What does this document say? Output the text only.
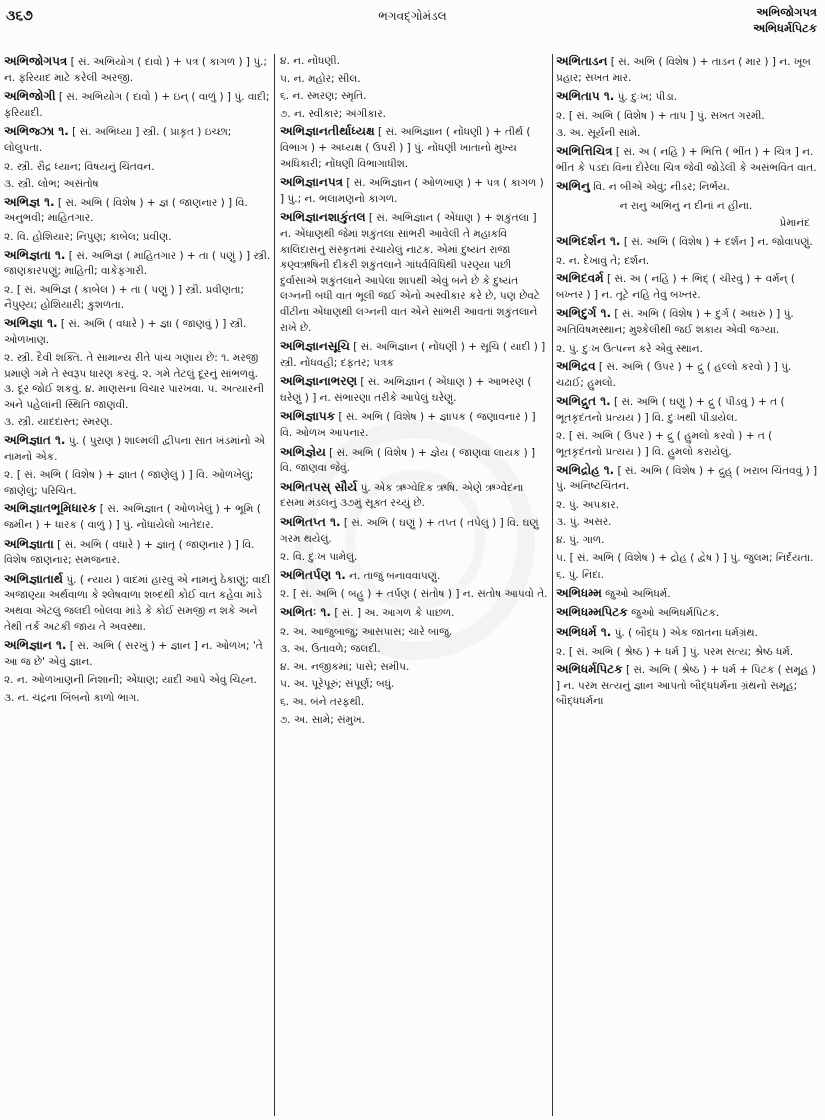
૩૬૭	ભગવદ્ગોમંડલ	અભિજોગપત્ર
અભિધર્મપિટક
અભિજોગપત્ર [ સં. અભિયોગ ( દાવો ) + પત્ર ( કાગળ ) ] પું.; ન. ફરિયાદ માટે કરેલી અરજી.
અભિજોગી [ સં. અભિયોગ ( દાવો ) + ઇન્ ( વાળું ) ] પું. વાદી; ફરિયાદી.
અભિજ્ઝા ૧. [ સં. અભિધ્યા ] સ્ત્રી. ( પ્રાકૃત ) ઇચ્છા; લોલુપતા.
૨. સ્ત્રી. રૌદ્ર ધ્યાન; વિષયનું ચિંતવન.
૩. સ્ત્રી. લોભ; અસંતોષ
અભિજ્ઞ ૧. [ સં. અભિ ( વિશેષ ) + જ્ઞ ( જાણનાર ) ] વિ. અનુભવી; માહિતગાર.
૨. વિ. હોશિયાર; નિપુણ; કાબેલ; પ્રવીણ.
અભિજ્ઞતા ૧. [ સં. અભિજ્ઞ ( માહિતગાર ) + તા ( પણું ) ] સ્ત્રી. જાણકારપણું; માહિતી; વાકેફગારી.
૨. [ સં. અભિજ્ઞ ( કાબેલ ) + તા ( પણું ) ] સ્ત્રી. પ્રવીણતા; નૈપુણ્ય; હોશિયારી; કુશળતા.
અભિજ્ઞા ૧. [ સં. અભિ ( વધારે ) + જ્ઞા ( જાણવું ) ] સ્ત્રી. ઓળખાણ.
૨. સ્ત્રી. દૈવી શક્તિ. તે સામાન્ય રીતે પાંચ ગણાય છે: ૧. મરજી પ્રમાણે ગમે તે સ્વરૂપ ધારણ કરવું. ૨. ગમે તેટલું દૂરનું સાંભળવું. ૩. દૂર જોઈ શકવું. ૪. માણસના વિચાર પારખવા. ૫. અત્યારની અને પહેલાંની સ્થિતિ જાણવી.
૩. સ્ત્રી. યાદદાસ્ત; સ્મરણ.
અભિજ્ઞાત ૧. પું. ( પુરાણ ) શાલ્મલી દ્વીપના સાત ખંડમાંનો એ નામનો એક.
૨. [ સં. અભિ ( વિશેષ ) + જ્ઞાત ( જાણેલું ) ] વિ. ઓળખેલું; જાણેલું; પરિચિત.
અભિજ્ઞાતભૂમિધારક [ સં. અભિજ્ઞાત ( ઓળખેલું ) + ભૂમિ ( જમીન ) + ધારક ( વાળું ) ] પું. નોંધાયેલો ખાતેદાર.
અભિજ્ઞાતા [ સં. અભિ ( વધારે ) + જ્ઞાતૃ ( જાણનાર ) ] વિ. વિશેષ જાણનાર; સમજનાર.
અભિજ્ઞાતાર્થ પું. ( ન્યાય ) વાદમાં હારવું એ નામનું ઠેકાણું; વાદી અજાણ્યા અર્થવાળા કે શ્લેષવાળા શબ્દથી કોઈ વાત કહેવા માંડે અથવા એટલું જલદી બોલવા માંડે કે કોઈ સમજી ન શકે અને તેથી તર્ક અટકી જાય તે અવસ્થા.
અભિજ્ઞાન ૧. [ સં. અભિ ( સરખું ) + જ્ઞાન ] ન. ઓળખ; 'તે આ જ છે' એવું જ્ઞાન.
૨. ન. ઓળખાણની નિશાની; એંધાણ; યાદી આપે એવું ચિહ્ન.
૩. ન. ચંદ્રના બિંબનો કાળો ભાગ.
૪. ન. નોંધણી.
૫. ન. મહોર; સીલ.
૬. ન. સ્મરણ; સ્મૃતિ.
૭. ન. સ્વીકાર; અંગીકાર.
અભિજ્ઞાનતીર્થાધ્યક્ષ [ સં. અભિજ્ઞાન ( નોંધણી ) + તીર્થ ( વિભાગ ) + અધ્યક્ષ ( ઉપરી ) ] પું. નોંધણી ખાતાનો મુખ્ય અધિકારી; નોંધણી વિભાગાધીશ.
અભિજ્ઞાનપત્ર [ સં. અભિજ્ઞાન ( ઓળખાણ ) + પત્ર ( કાગળ ) ] પું.; ન. ભલામણનો કાગળ.
અભિજ્ઞાનશાકુંતલ [ સં. અભિજ્ઞાન ( એંધાણ ) + શકુંતલા ] ન. એંધાણથી જેમાં શકુંતલા સાંભરી આવેલી તે મહાકવિ કાલિદાસનું સંસ્કૃતમાં રચાયેલું નાટક. એમાં દુષ્યંત રાજા કણ્વઋષિની દીકરી શકુંતલાને ગાંધર્વવિધિથી પરણ્યા પછી દુર્વાસાએ શકુંતલાને આપેલા શાપથી એવું બને છે કે દુષ્યંત લગ્નની બધી વાત ભૂલી જઈ એનો અસ્વીકાર કરે છે, પણ છેવટે વીંટીના એંધાણથી લગ્નની વાત એને સાંભરી આવતાં શકુંતલાને રાખે છે.
અભિજ્ઞાનસૂચિ [ સં. અભિજ્ઞાન ( નોંધણી ) + સૂચિ ( યાદી ) ] સ્ત્રી. નોંધવહી; દફતર; પત્રક
અભિજ્ઞાનાભરણ [ સં. અભિજ્ઞાન ( એંધાણ ) + આભરણ ( ઘરેણું ) ] ન. સંભારણા તરીકે આપેલું ઘરેણું.
અભિજ્ઞાપક [ સં. અભિ ( વિશેષ ) + જ્ઞાપક ( જણાવનાર ) ] વિ. ઓળખ આપનાર.
અભિજ્ઞેય [ સં. અભિ ( વિશેષ ) + જ્ઞેય ( જાણવા લાયક ) ] વિ. જાણવા જેવું.
અભિતપસ્ સૌર્ય પું. એક ઋગ્વેદિક ઋષિ. એણે ઋગ્વેદના દસમા મંડલનું ૩૭મું સૂક્ત રચ્યું છે.
અભિતપ્ત ૧. [ સં. અભિ ( ઘણું ) + તપ્ત ( તપેલું ) ] વિ. ઘણું ગરમ થયેલું.
૨. વિ. દુઃખ પામેલું.
અભિતર્પણ ૧. ન. તાજું બનાવવાપણું.
૨. [ સં. અભિ ( બહુ ) + તર્પણ ( સંતોષ ) ] ન. સંતોષ આપવો તે.
અભિતઃ ૧. [ સં. ] અ. આગળ કે પાછળ.
૨. અ. આજુબાજુ; આસપાસ; ચારે બાજુ.
૩. અ. ઉતાવળે; જલદી.
૪. અ. નજીકમાં; પાસે; સમીપ.
૫. અ. પૂરેપૂરું; સંપૂર્ણ; બધું.
૬. અ. બંને તરફથી.
૭. અ. સામે; સંમુખ.
અભિતાડન [ સં. અભિ ( વિશેષ ) + તાડન ( માર ) ] ન. ખૂબ પ્રહાર; સખત માર.
અભિતાપ ૧. પું. દુઃખ; પીડા.
૨. [ સં. અભિ ( વિશેષ ) + તાપ ] પું. સખત ગરમી.
૩. અ. સૂર્યની સામે.
અભિત્તિચિત્ર [ સં. અ ( નહિ ) + ભિત્તિ ( ભીંત ) + ચિત્ર ] ન. ભીંત કે પડદા વિના દોરેલા ચિત્ર જેવી જોડેલી કે અસંભવિત વાત.
અભિનુ વિ. ન બીએ એવું; નીડર; નિર્ભય.
ન રાનુ અભિનુ ન દીનાં ન હીના.
પ્રેમાનંદ
અભિદર્શન ૧. [ સં. અભિ ( વિશેષ ) + દર્શન ] ન. જોવાપણું.
૨. ન. દેખાવું તે; દર્શન.
અભિદવર્મ [ સં. અ ( નહિ ) + ભિદ્ ( ચીરવું ) + વર્મન્ ( બખ્તર ) ] ન. તૂટે નહિ તેવું બખ્તર.
અભિદુર્ગ ૧. [ સં. અભિ ( વિશેષ ) + દુર્ગ ( અઘરું ) ] પું. અતિવિષમસ્થાન; મુશ્કેલીથી જઈ શકાય એવી જગ્યા.
૨. પું. દુઃખ ઉત્પન્ન કરે એવું સ્થાન.
અભિદ્રવ [ સં. અભિ ( ઉપર ) + દ્રુ ( હલ્લો કરવો ) ] પું. ચઢાઈ; હુમલો.
અભિદ્રુત ૧. [ સં. અભિ ( ઘણું ) + દ્રુ ( પીડવું ) + ત ( ભૂતકૃદંતનો પ્રત્યય ) ] વિ. દુઃખથી પીડાયેલ.
૨. [ સં. અભિ ( ઉપર ) + દ્રુ ( હુમલો કરવો ) + ત ( ભૂતકૃદંતનો પ્રત્યય ) ] વિ. હુમલો કરાયેલું.
અભિદ્રોહ ૧. [ સં. અભિ ( વિશેષ ) + દ્રુહ્ ( ખરાબ ચિંતવવું ) ] પું. અનિષ્ટચિંતન.
૨. પું. અપકાર.
૩. પું. અસર.
૪. પું. ગાળ.
૫. [ સં. અભિ ( વિશેષ ) + દ્રોહ ( દ્વેષ ) ] પું. જુલમ; નિર્દયતા.
૬. પું. નિંદા.
અભિધમ્મ જુઓ અભિધર્મ.
અભિધમ્મપિટક જુઓ અભિધર્મપિટક.
અભિધર્મ ૧. પું. ( બૌદ્ધ ) એક જાતના ધર્મગ્રંથ.
૨. [ સં. અભિ ( શ્રેષ્ઠ ) + ધર્મ ] પું. પરમ સત્ય; શ્રેષ્ઠ ધર્મ.
અભિધર્મપિટક [ સં. અભિ ( શ્રેષ્ઠ ) + ધર્મ + પિટક ( સમૂહ ) ] ન. પરમ સત્યનું જ્ઞાન આપતો બૌદ્ધધર્મના ગ્રંથનો સમૂહ; બૌદ્ધધર્મના
